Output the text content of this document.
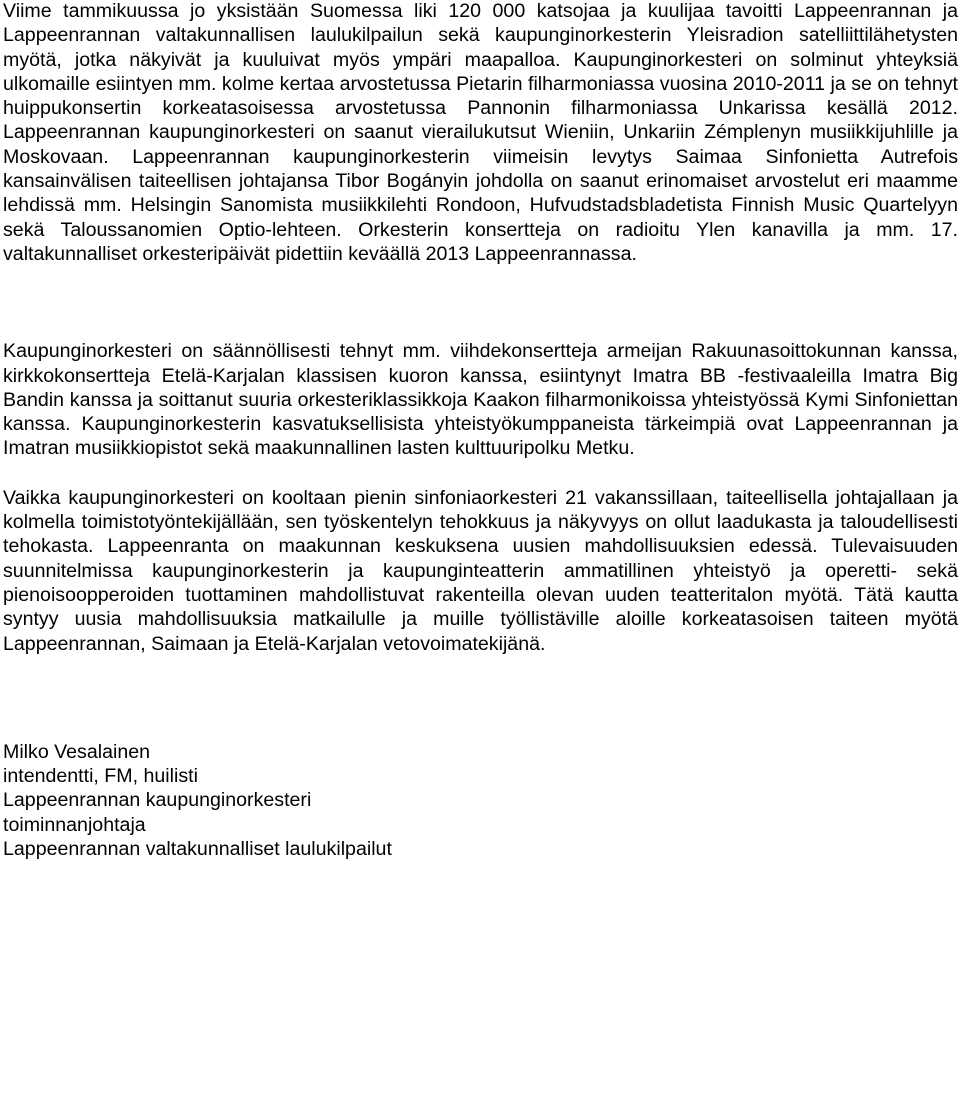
Viime tammikuussa jo yksistään Suomessa liki 120 000 katsojaa ja kuulijaa tavoitti Lappeenrannan ja Lappeenrannan valtakunnallisen laulukilpailun sekä kaupunginorkesterin Yleisradion satelliittilähetysten myötä, jotka näkyivät ja kuuluivat myös ympäri maapalloa. Kaupunginorkesteri on solminut yhteyksiä ulkomaille esiintyen mm. kolme kertaa arvostetussa Pietarin filharmoniassa vuosina 2010-2011 ja se on tehnyt huippukonsertin korkeatasoisessa arvostetussa Pannonin filharmoniassa Unkarissa kesällä 2012. Lappeenrannan kaupunginorkesteri on saanut vierailukutsut Wieniin, Unkariin Zémplenyn musiikkijuhlille ja Moskovaan. Lappeenrannan kaupunginorkesterin viimeisin levytys Saimaa Sinfonietta Autrefois kansainvälisen taiteellisen johtajansa Tibor Bogányin johdolla on saanut erinomaiset arvostelut eri maamme lehdissä mm. Helsingin Sanomista musiikkilehti Rondoon, Hufvudstadsbladetista Finnish Music Quartelyyn sekä Taloussanomien Optio-lehteen. Orkesterin konsertteja on radioitu Ylen kanavilla ja mm. 17. valtakunnalliset orkesteripäivät pidettiin keväällä 2013 Lappeenrannassa.

Kaupunginorkesteri on säännöllisesti tehnyt mm. viihdekonsertteja armeijan Rakuunasoittokunnan kanssa, kirkkokonsertteja Etelä-Karjalan klassisen kuoron kanssa, esiintynyt Imatra BB -festivaaleilla Imatra Big Bandin kanssa ja soittanut suuria orkesteriklassikkoja Kaakon filharmonikoissa yhteistyössä Kymi Sinfoniettan kanssa. Kaupunginorkesterin kasvatuksellisista yhteistyökumppaneista tärkeimpiä ovat Lappeenrannan ja Imatran musiikkiopistot sekä maakunnallinen lasten kulttuuripolku Metku.

Vaikka kaupunginorkesteri on kooltaan pienin sinfoniaorkesteri 21 vakanssillaan, taiteellisella johtajallaan ja kolmella toimistotyöntekijällään, sen työskentelyn tehokkuus ja näkyvyys on ollut laadukasta ja taloudellisesti tehokasta. Lappeenranta on maakunnan keskuksena uusien mahdollisuuksien edessä. Tulevaisuuden suunnitelmissa kaupunginorkesterin ja kaupunginteatterin ammatillinen yhteistyö ja operetti- sekä pienoisoopperoiden tuottaminen mahdollistuvat rakenteilla olevan uuden teatteritalon myötä. Tätä kautta syntyy uusia mahdollisuuksia matkailulle ja muille työllistäville aloille korkeatasoisen taiteen myötä Lappeenrannan, Saimaan ja Etelä-Karjalan vetovoimatekijänä.

Milko Vesalainen
intendentti, FM, huilisti
Lappeenrannan kaupunginorkesteri
toiminnanjohtaja
Lappeenrannan valtakunnalliset laulukilpailut
